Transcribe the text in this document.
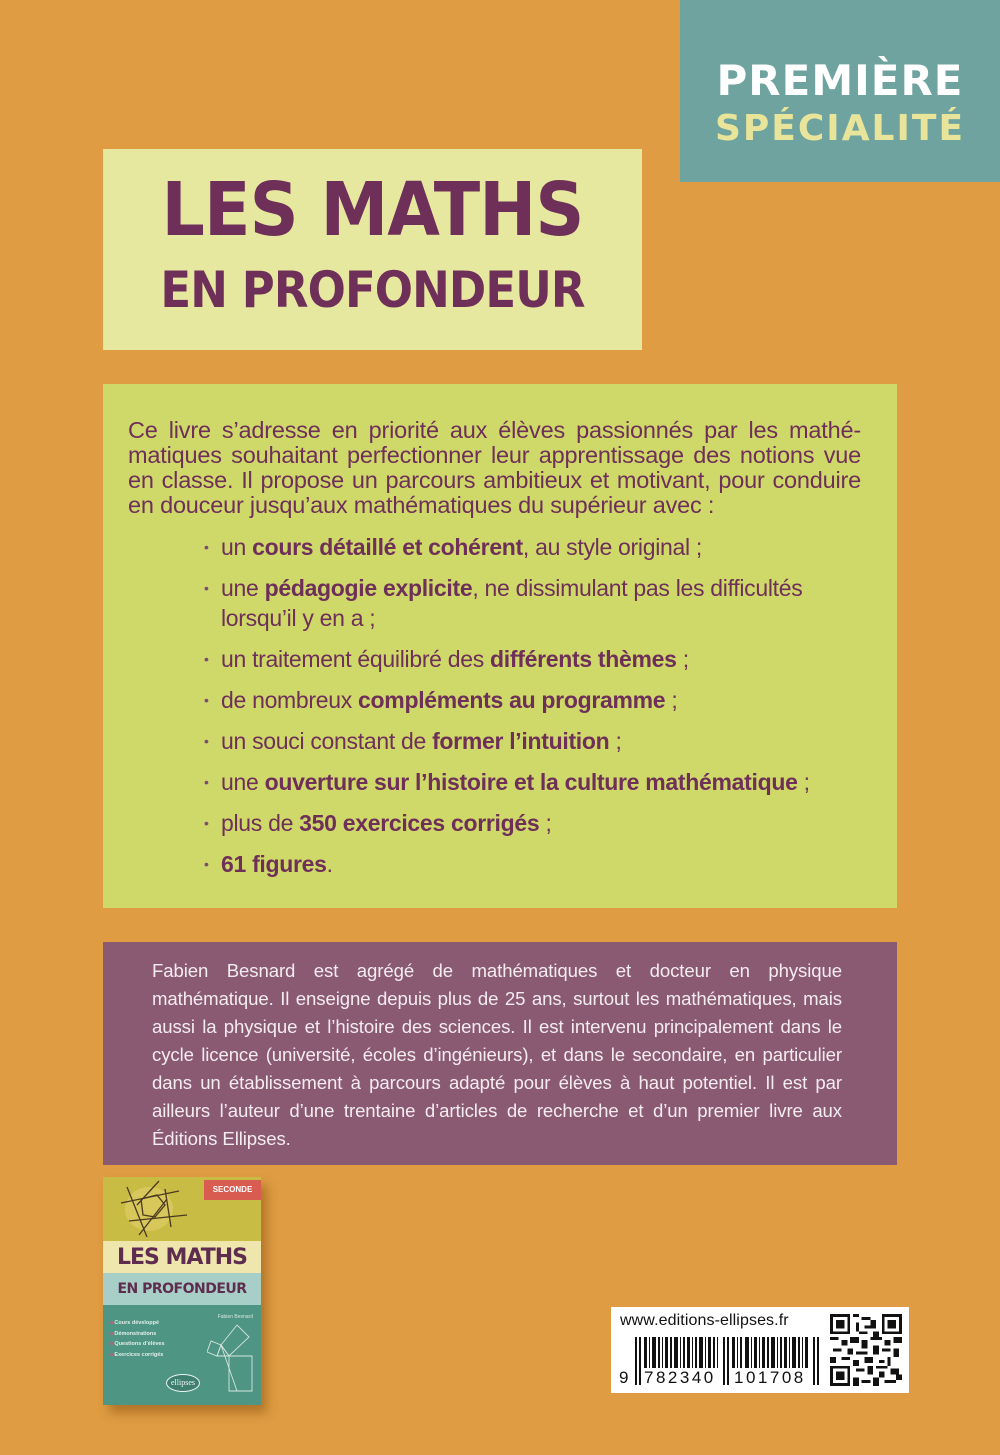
PREMIÈRE
SPÉCIALITÉ
LES MATHS
EN PROFONDEUR
Ce livre s’adresse en priorité aux élèves passionnés par les mathé-matiques souhaitant perfectionner leur apprentissage des notions vue en classe. Il propose un parcours ambitieux et motivant, pour conduire en douceur jusqu’aux mathématiques du supérieur avec :
• un cours détaillé et cohérent, au style original ;
• une pédagogie explicite, ne dissimulant pas les difficultés lorsqu’il y en a ;
• un traitement équilibré des différents thèmes ;
• de nombreux compléments au programme ;
• un souci constant de former l’intuition ;
• une ouverture sur l’histoire et la culture mathématique ;
• plus de 350 exercices corrigés ;
• 61 figures.

Fabien Besnard est agrégé de mathématiques et docteur en physique mathématique. Il enseigne depuis plus de 25 ans, surtout les mathématiques, mais aussi la physique et l’histoire des sciences. Il est intervenu principalement dans le cycle licence (université, écoles d’ingénieurs), et dans le secondaire, en particulier dans un établissement à parcours adapté pour élèves à haut potentiel. Il est par ailleurs l’auteur d’une trentaine d’articles de recherche et d’un premier livre aux Éditions Ellipses.

SECONDE
LES MATHS
EN PROFONDEUR
Fabien Besnard
■ Cours développé
■ Démonstrations
■ Questions d’élèves
■ Exercices corrigés
ellipses
www.editions-ellipses.fr
9 782340 101708
